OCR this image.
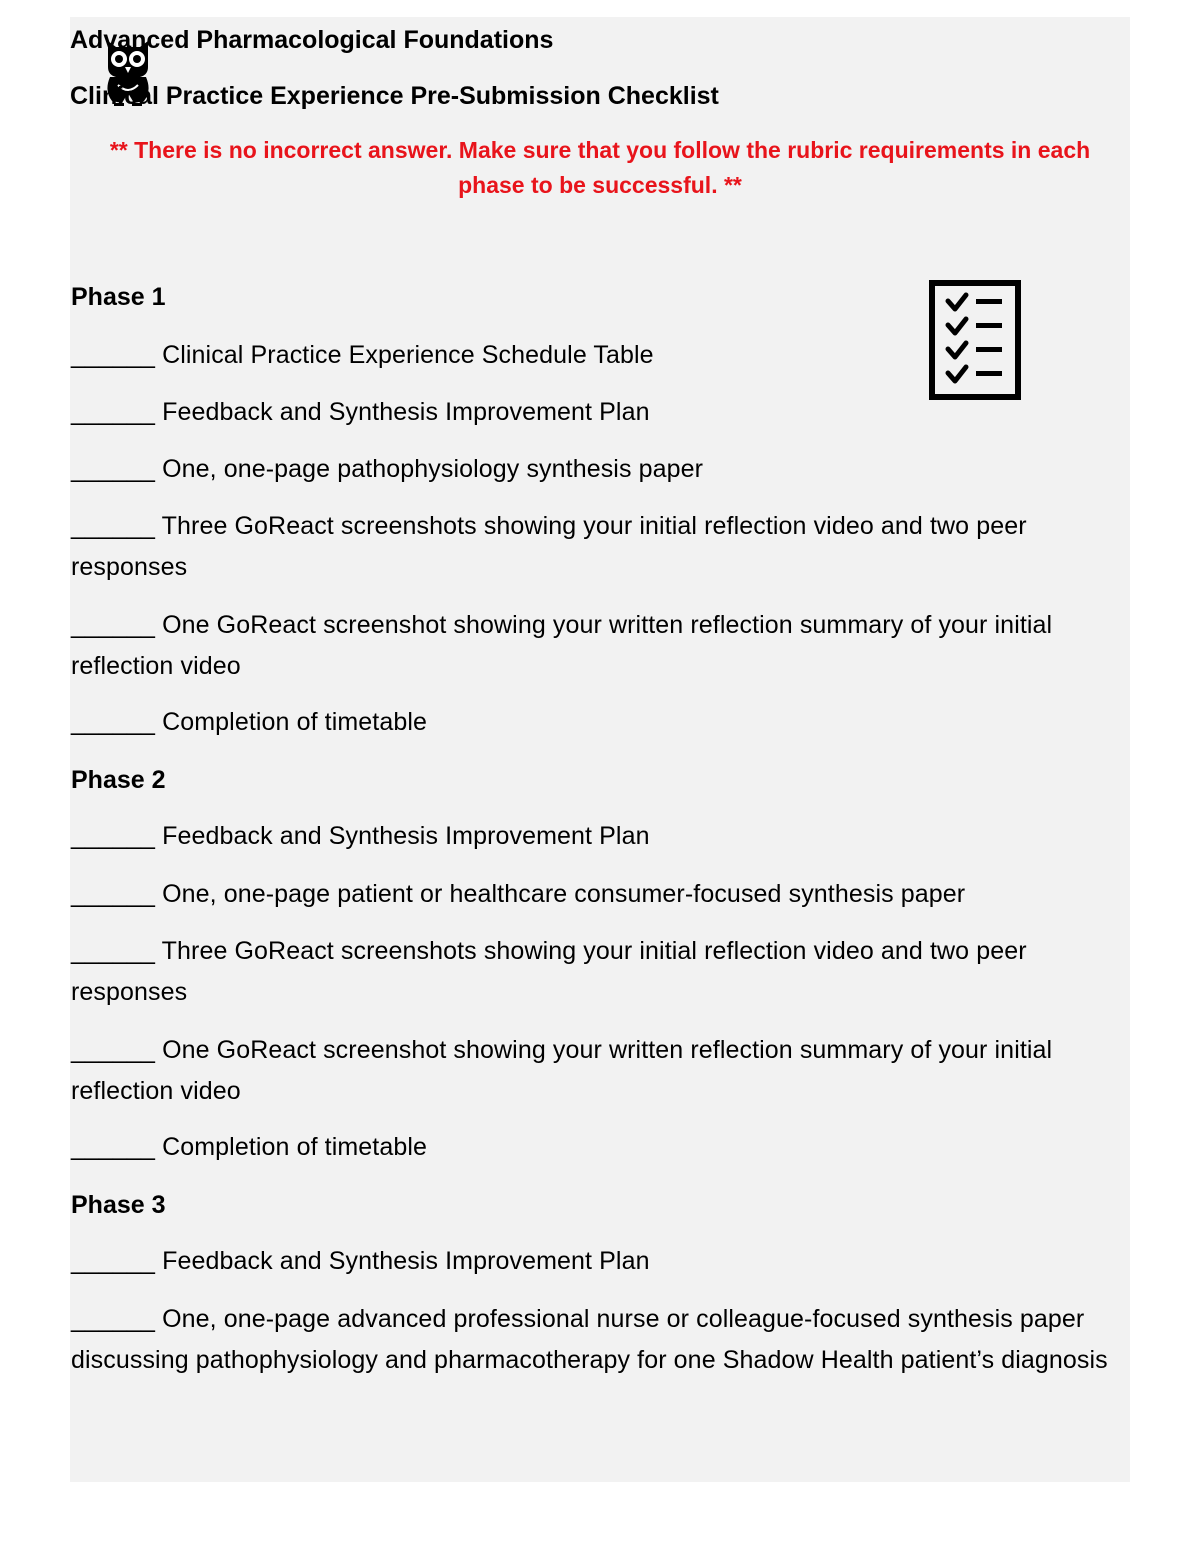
Advanced Pharmacological Foundations
Clinical Practice Experience Pre-Submission Checklist
** There is no incorrect answer. Make sure that you follow the rubric requirements in each phase to be successful. **
Phase 1
______ Clinical Practice Experience Schedule Table
______ Feedback and Synthesis Improvement Plan
______ One, one-page pathophysiology synthesis paper
______ Three GoReact screenshots showing your initial reflection video and two peer responses
______ One GoReact screenshot showing your written reflection summary of your initial reflection video
______ Completion of timetable
Phase 2
______ Feedback and Synthesis Improvement Plan
______ One, one-page patient or healthcare consumer-focused synthesis paper
______ Three GoReact screenshots showing your initial reflection video and two peer responses
______ One GoReact screenshot showing your written reflection summary of your initial reflection video
______ Completion of timetable
Phase 3
______ Feedback and Synthesis Improvement Plan
______ One, one-page advanced professional nurse or colleague-focused synthesis paper discussing pathophysiology and pharmacotherapy for one Shadow Health patient’s diagnosis
